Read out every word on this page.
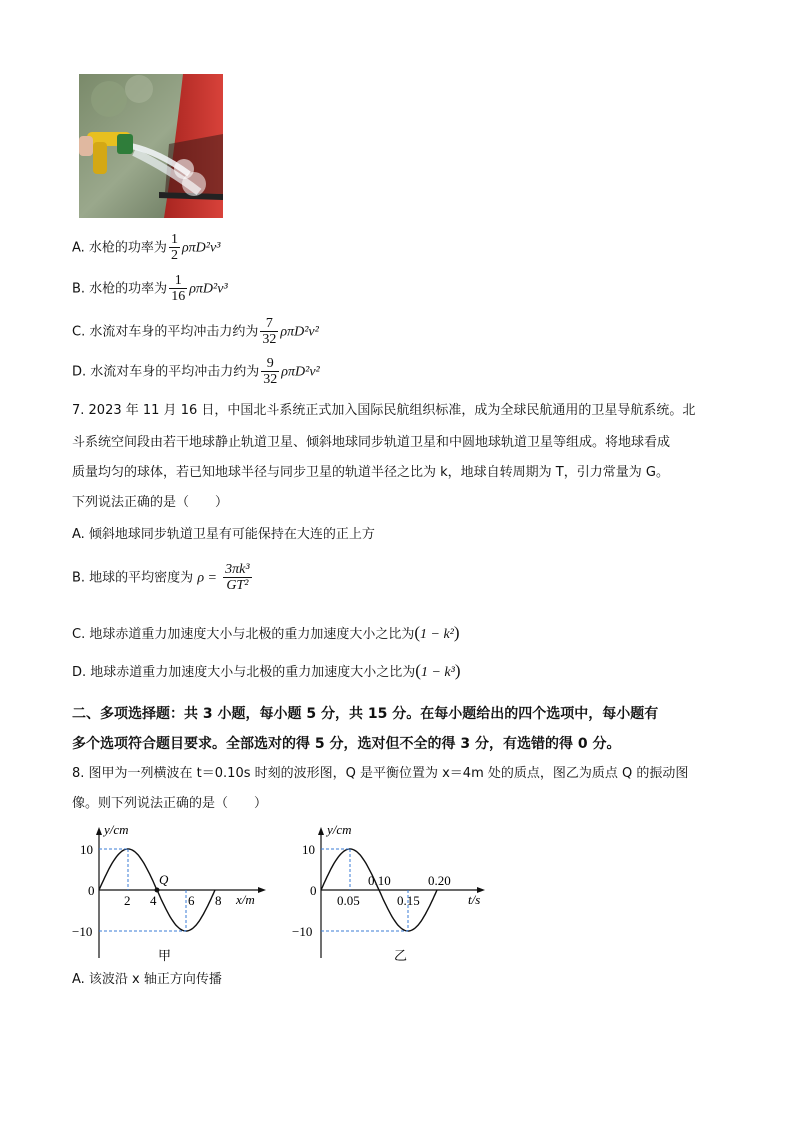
A. 水枪的功率为 $\frac{1}{2} \rho\pi D^2v^3$
B. 水枪的功率为 $\frac{1}{16} \rho\pi D^2v^3$
C. 水流对车身的平均冲击力约为 $\frac{7}{32} \rho\pi D^2v^2$
D. 水流对车身的平均冲击力约为 $\frac{9}{32} \rho\pi D^2v^2$
7. 2023 年 11 月 16 日，中国北斗系统正式加入国际民航组织标准，成为全球民航通用的卫星导航系统。北
斗系统空间段由若干地球静止轨道卫星、倾斜地球同步轨道卫星和中圆地球轨道卫星等组成。将地球看成
质量均匀的球体，若已知地球半径与同步卫星的轨道半径之比为 k，地球自转周期为 T，引力常量为 G。
下列说法正确的是（　　）
A. 倾斜地球同步轨道卫星有可能保持在大连的正上方
B. 地球的平均密度为 $\rho = \frac{\text{3πk³}}{\text{GT²}}$
C. 地球赤道重力加速度大小与北极的重力加速度大小之比为(1 − k²)
D. 地球赤道重力加速度大小与北极的重力加速度大小之比为(1 − k³)
二、多项选择题：共 3 小题，每小题 5 分，共 15 分。在每小题给出的四个选项中，每小题有
多个选项符合题目要求。全部选对的得 5 分，选对但不全的得 3 分，有选错的得 0 分。
8. 图甲为一列横波在 t＝0.10s 时刻的波形图，Q 是平衡位置为 x＝4m 处的质点，图乙为质点 Q 的振动图
像。则下列说法正确的是（　　）
y/cm
x/m
10
0
−10
2 4 6 8
Q
甲
y/cm
t/s
10
0
−10
0.05
0.10
0.15
0.20
乙
A. 该波沿 x 轴正方向传播
